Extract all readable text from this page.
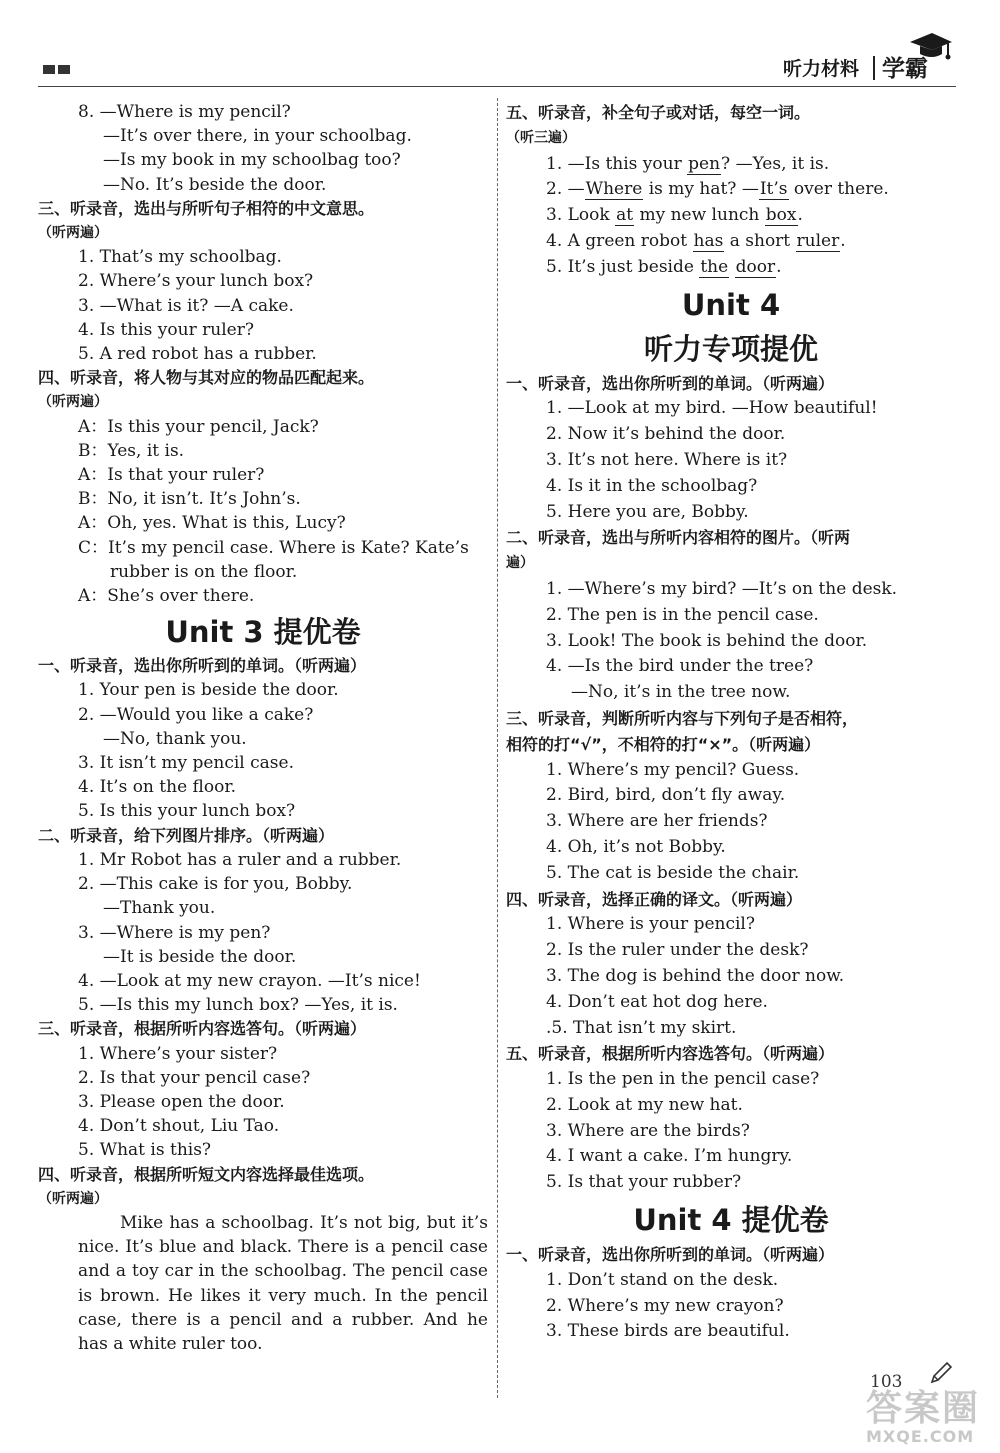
听力材料 学霸
8. —Where is my pencil?
—It’s over there, in your schoolbag.
—Is my book in my schoolbag too?
—No. It’s beside the door.
三、听录音，选出与所听句子相符的中文意思。
（听两遍）
1. That’s my schoolbag.
2. Where’s your lunch box?
3. —What is it? —A cake.
4. Is this your ruler?
5. A red robot has a rubber.
四、听录音，将人物与其对应的物品匹配起来。
（听两遍）
A：Is this your pencil, Jack?
B：Yes, it is.
A：Is that your ruler?
B：No, it isn’t. It’s John’s.
A：Oh, yes. What is this, Lucy?
C：It’s my pencil case. Where is Kate? Kate’s
rubber is on the floor.
A：She’s over there.
Unit 3 提优卷
一、听录音，选出你所听到的单词。（听两遍）
1. Your pen is beside the door.
2. —Would you like a cake?
—No, thank you.
3. It isn’t my pencil case.
4. It’s on the floor.
5. Is this your lunch box?
二、听录音，给下列图片排序。（听两遍）
1. Mr Robot has a ruler and a rubber.
2. —This cake is for you, Bobby.
—Thank you.
3. —Where is my pen?
—It is beside the door.
4. —Look at my new crayon. —It’s nice!
5. —Is this my lunch box? —Yes, it is.
三、听录音，根据所听内容选答句。（听两遍）
1. Where’s your sister?
2. Is that your pencil case?
3. Please open the door.
4. Don’t shout, Liu Tao.
5. What is this?
四、听录音，根据所听短文内容选择最佳选项。
（听两遍）
Mike has a schoolbag. It’s not big, but it’s nice. It’s blue and black. There is a pencil case and a toy car in the schoolbag. The pencil case is brown. He likes it very much. In the pencil case, there is a pencil and a rubber. And he has a white ruler too.
五、听录音，补全句子或对话，每空一词。
（听三遍）
1. —Is this your pen? —Yes, it is.
2. —Where is my hat? —It’s over there.
3. Look at my new lunch box.
4. A green robot has a short ruler.
5. It’s just beside the door.
Unit 4
听力专项提优
一、听录音，选出你所听到的单词。（听两遍）
1. —Look at my bird. —How beautiful!
2. Now it’s behind the door.
3. It’s not here. Where is it?
4. Is it in the schoolbag?
5. Here you are, Bobby.
二、听录音，选出与所听内容相符的图片。（听两
遍）
1. —Where’s my bird? —It’s on the desk.
2. The pen is in the pencil case.
3. Look! The book is behind the door.
4. —Is the bird under the tree?
—No, it’s in the tree now.
三、听录音，判断所听内容与下列句子是否相符，
相符的打“√”，不相符的打“×”。（听两遍）
1. Where’s my pencil? Guess.
2. Bird, bird, don’t fly away.
3. Where are her friends?
4. Oh, it’s not Bobby.
5. The cat is beside the chair.
四、听录音，选择正确的译文。（听两遍）
1. Where is your pencil?
2. Is the ruler under the desk?
3. The dog is behind the door now.
4. Don’t eat hot dog here.
.5. That isn’t my skirt.
五、听录音，根据所听内容选答句。（听两遍）
1. Is the pen in the pencil case?
2. Look at my new hat.
3. Where are the birds?
4. I want a cake. I’m hungry.
5. Is that your rubber?
Unit 4 提优卷
一、听录音，选出你所听到的单词。（听两遍）
1. Don’t stand on the desk.
2. Where’s my new crayon?
3. These birds are beautiful.
103
答案圈
MXQE.COM
